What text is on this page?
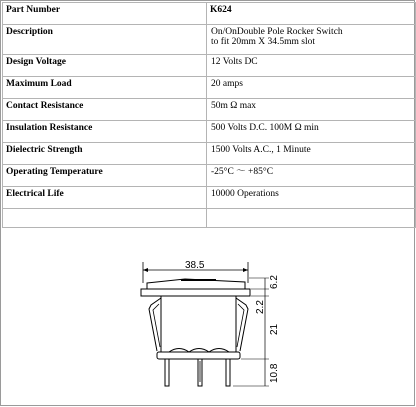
Part Number	K624
Description	On/OnDouble Pole Rocker Switch
to fit 20mm X 34.5mm slot

Design Voltage	12 Volts DC
Maximum Load	20 amps
Contact Resistance	50m Ω max
Insulation Resistance	500 Volts D.C. 100M Ω min
Dielectric Strength	1500 Volts A.C., 1 Minute
Operating Temperature	-25°C ～ +85°C
Electrical Life	10000 Operations

38.5
6.2
2.2
21
10.8
